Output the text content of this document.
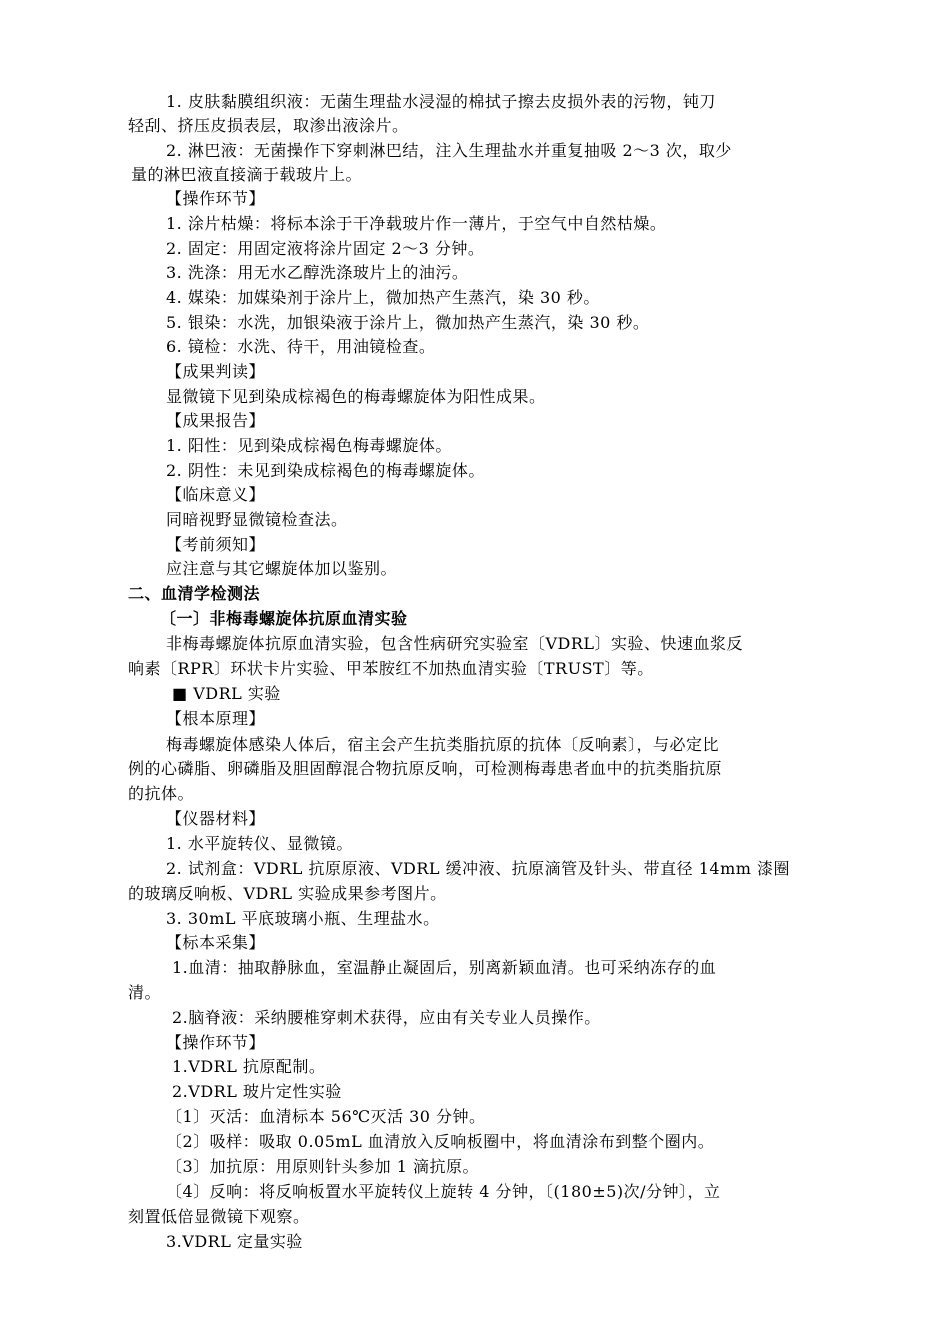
1. 皮肤黏膜组织液：无菌生理盐水浸湿的棉拭子擦去皮损外表的污物，钝刀
轻刮、挤压皮损表层，取渗出液涂片。
2. 淋巴液：无菌操作下穿刺淋巴结，注入生理盐水并重复抽吸 2～3 次，取少
量的淋巴液直接滴于载玻片上。
【操作环节】
1. 涂片枯燥：将标本涂于干净载玻片作一薄片，于空气中自然枯燥。
2. 固定：用固定液将涂片固定 2～3 分钟。
3. 洗涤：用无水乙醇洗涤玻片上的油污。
4. 媒染：加媒染剂于涂片上，微加热产生蒸汽，染 30 秒。
5. 银染：水洗，加银染液于涂片上，微加热产生蒸汽，染 30 秒。
6. 镜检：水洗、待干，用油镜检查。
【成果判读】
显微镜下见到染成棕褐色的梅毒螺旋体为阳性成果。
【成果报告】
1. 阳性：见到染成棕褐色梅毒螺旋体。
2. 阴性：未见到染成棕褐色的梅毒螺旋体。
【临床意义】
同暗视野显微镜检查法。
【考前须知】
应注意与其它螺旋体加以鉴别。
二、血清学检测法
〔一〕非梅毒螺旋体抗原血清实验
非梅毒螺旋体抗原血清实验，包含性病研究实验室〔VDRL〕实验、快速血浆反
响素〔RPR〕环状卡片实验、甲苯胺红不加热血清实验〔TRUST〕等。
■ VDRL 实验
【根本原理】
梅毒螺旋体感染人体后，宿主会产生抗类脂抗原的抗体〔反响素〕，与必定比
例的心磷脂、卵磷脂及胆固醇混合物抗原反响，可检测梅毒患者血中的抗类脂抗原
的抗体。
【仪器材料】
1. 水平旋转仪、显微镜。
2. 试剂盒：VDRL 抗原原液、VDRL 缓冲液、抗原滴管及针头、带直径 14mm 漆圈
的玻璃反响板、VDRL 实验成果参考图片。
3. 30mL 平底玻璃小瓶、生理盐水。
【标本采集】
1.血清：抽取静脉血，室温静止凝固后，别离新颖血清。也可采纳冻存的血
清。
2.脑脊液：采纳腰椎穿刺术获得，应由有关专业人员操作。
【操作环节】
1.VDRL 抗原配制。
2.VDRL 玻片定性实验
〔1〕灭活：血清标本 56℃灭活 30 分钟。
〔2〕吸样：吸取 0.05mL 血清放入反响板圈中，将血清涂布到整个圈内。
〔3〕加抗原：用原则针头参加 1 滴抗原。
〔4〕反响：将反响板置水平旋转仪上旋转 4 分钟，〔(180±5)次/分钟〕，立
刻置低倍显微镜下观察。
3.VDRL 定量实验
